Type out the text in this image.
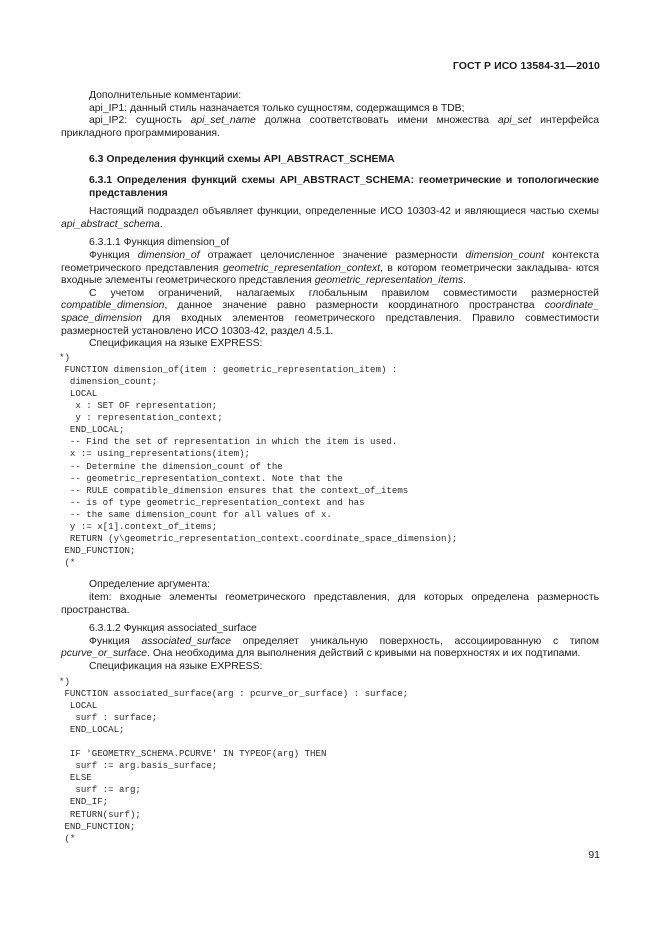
ГОСТ Р ИСО 13584-31—2010

Дополнительные комментарии:

api_IP1: данный стиль назначается только сущностям, содержащимся в TDB;

api_IP2: сущность api_set_name должна соответствовать имени множества api_set интерфейса прикладного программирования.

6.3 Определения функций схемы API_ABSTRACT_SCHEMA

6.3.1 Определения функций схемы API_ABSTRACT_SCHEMA: геометрические и топологические представления

Настоящий подраздел объявляет функции, определенные ИСО 10303-42 и являющиеся частью схемы api_abstract_schema.

6.3.1.1 Функция dimension_of

Функция dimension_of отражает целочисленное значение размерности dimension_count контекста геометрического представления geometric_representation_context, в котором геометрически закладыва- ются входные элементы геометрического представления geometric_representation_items.

С учетом ограничений, налагаемых глобальным правилом совместимости размерностей compatible_dimension, данное значение равно размерности координатного пространства coordinate_ space_dimension для входных элементов геометрического представления. Правило совместимости размерностей установлено ИСО 10303-42, раздел 4.5.1.

Спецификация на языке EXPRESS:

*)
FUNCTION dimension_of(item : geometric_representation_item) :
dimension_count;
LOCAL
x : SET OF representation;
y : representation_context;
END_LOCAL;
-- Find the set of representation in which the item is used.
x := using_representations(item);
-- Determine the dimension_count of the
-- geometric_representation_context. Note that the
-- RULE compatible_dimension ensures that the context_of_items
-- is of type geometric_representation_context and has
-- the same dimension_count for all values of x.
y := x[1].context_of_items;
RETURN (y\geometric_representation_context.coordinate_space_dimension);
END_FUNCTION;
(*

Определение аргумента:

item: входные элементы геометрического представления, для которых определена размерность пространства.

6.3.1.2 Функция associated_surface

Функция associated_surface определяет уникальную поверхность, ассоциированную с типом pcurve_or_surface. Она необходима для выполнения действий с кривыми на поверхностях и их подтипами.

Спецификация на языке EXPRESS:

*)
FUNCTION associated_surface(arg : pcurve_or_surface) : surface;
LOCAL
surf : surface;
END_LOCAL;

IF 'GEOMETRY_SCHEMA.PCURVE' IN TYPEOF(arg) THEN
surf := arg.basis_surface;
ELSE
surf := arg;
END_IF;
RETURN(surf);
END_FUNCTION;
(*
91
